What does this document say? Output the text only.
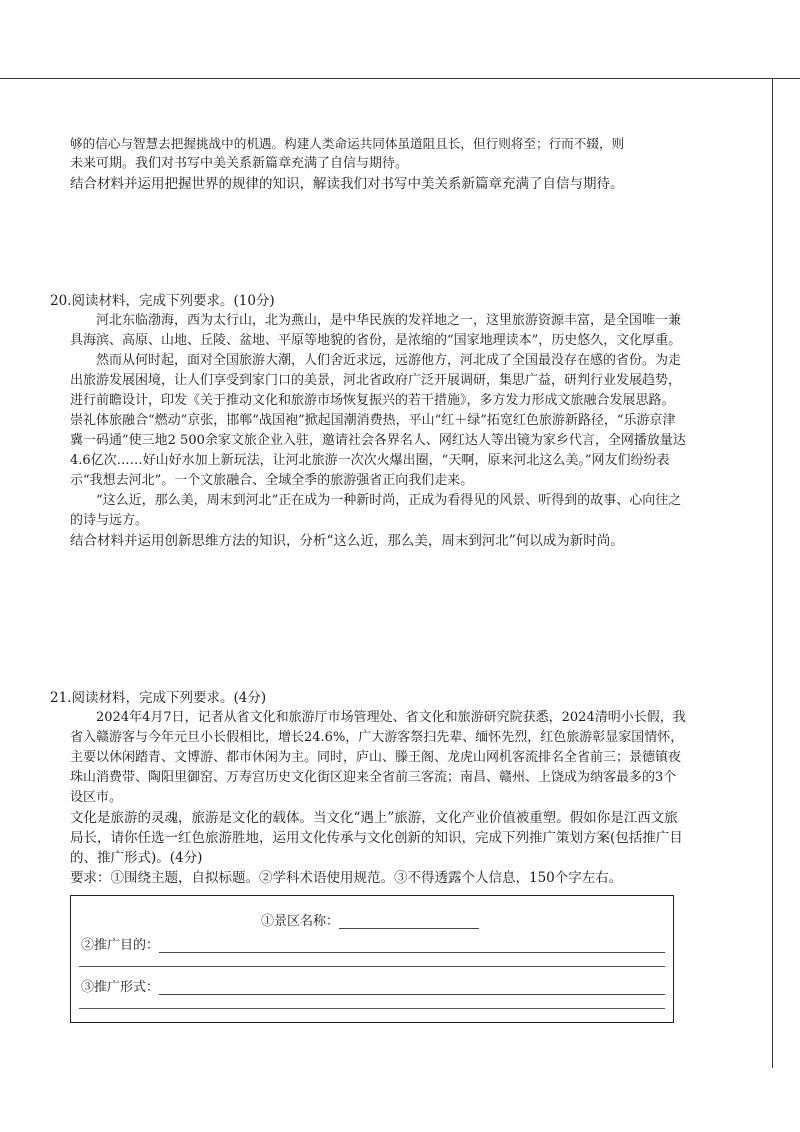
够的信心与智慧去把握挑战中的机遇。构建人类命运共同体虽道阻且长，但行则将至；行而不辍，则

未来可期。我们对书写中美关系新篇章充满了自信与期待。

结合材料并运用把握世界的规律的知识，解读我们对书写中美关系新篇章充满了自信与期待。

20.阅读材料，完成下列要求。(10分)

河北东临渤海，西为太行山，北为燕山，是中华民族的发祥地之一，这里旅游资源丰富，是全国唯一兼具海滨、高原、山地、丘陵、盆地、平原等地貌的省份，是浓缩的“国家地理读本”，历史悠久，文化厚重。

然而从何时起，面对全国旅游大潮，人们舍近求远，远游他方，河北成了全国最没存在感的省份。为走出旅游发展困境，让人们享受到家门口的美景，河北省政府广泛开展调研，集思广益，研判行业发展趋势，进行前瞻设计，印发《关于推动文化和旅游市场恢复振兴的若干措施》，多方发力形成文旅融合发展思路。崇礼体旅融合“燃动”京张，邯郸“战国袍”掀起国潮消费热，平山“红＋绿”拓宽红色旅游新路径，“乐游京津冀一码通”使三地2 500余家文旅企业入驻，邀请社会各界名人、网红达人等出镜为家乡代言，全网播放量达4.6亿次……好山好水加上新玩法，让河北旅游一次次火爆出圈，“天啊，原来河北这么美。”网友们纷纷表示“我想去河北”。一个文旅融合、全域全季的旅游强省正向我们走来。

“这么近，那么美，周末到河北”正在成为一种新时尚，正成为看得见的风景、听得到的故事、心向往之的诗与远方。

结合材料并运用创新思维方法的知识，分析“这么近，那么美，周末到河北”何以成为新时尚。

21.阅读材料，完成下列要求。(4分)

2024年4月7日，记者从省文化和旅游厅市场管理处、省文化和旅游研究院获悉，2024清明小长假，我省入赣游客与今年元旦小长假相比，增长24.6%，广大游客祭扫先辈、缅怀先烈，红色旅游彰显家国情怀，主要以休闲踏青、文博游、都市休闲为主。同时，庐山、滕王阁、龙虎山网机客流排名全省前三；景德镇夜珠山消费带、陶阳里御窑、万寿宫历史文化街区迎来全省前三客流；南昌、赣州、上饶成为纳客最多的3个设区市。

文化是旅游的灵魂，旅游是文化的载体。当文化“遇上”旅游，文化产业价值被重塑。假如你是江西文旅局长，请你任选一红色旅游胜地，运用文化传承与文化创新的知识，完成下列推广策划方案(包括推广目的、推广形式)。(4分)

要求：①围绕主题，自拟标题。②学科术语使用规范。③不得透露个人信息，150个字左右。

①景区名称：
②推广目的：
③推广形式：
